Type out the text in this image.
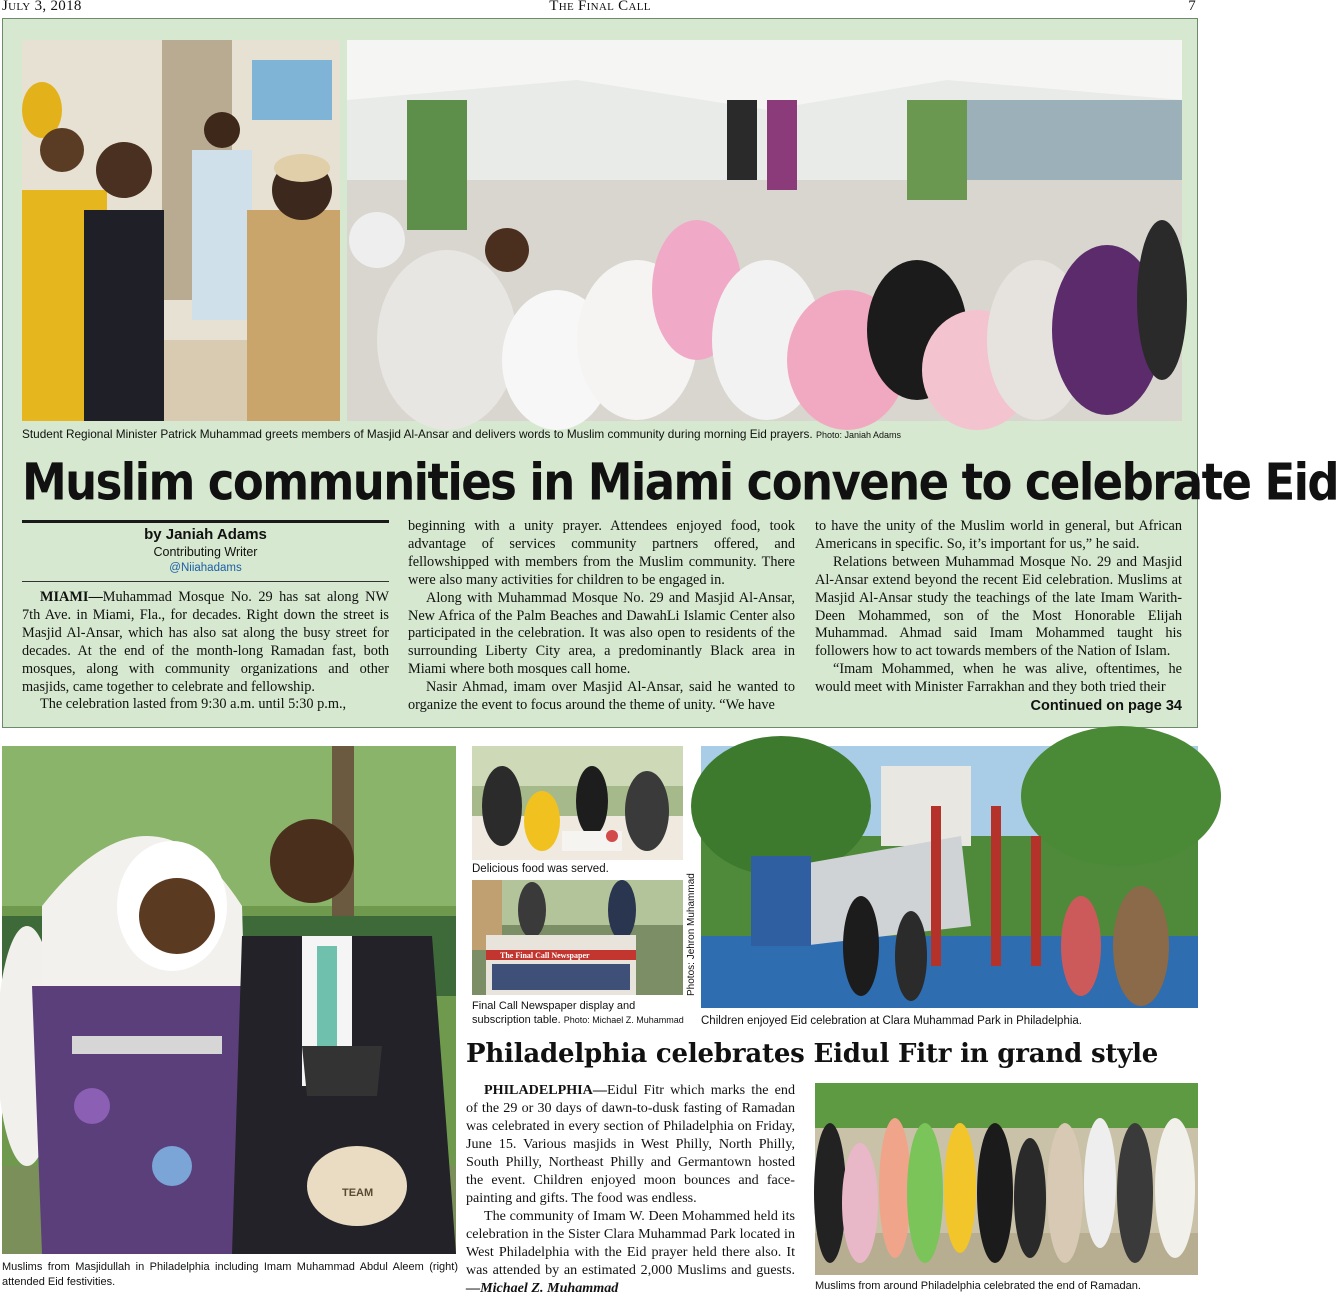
July 3, 2018	The Final Call	7
Student Regional Minister Patrick Muhammad greets members of Masjid Al-Ansar and delivers words to Muslim community during morning Eid prayers. Photo: Janiah Adams
Muslim communities in Miami convene to celebrate Eid
by Janiah Adams
Contributing Writer
@Niiahadams

MIAMI—Muhammad Mosque No. 29 has sat along NW 7th Ave. in Miami, Fla., for decades. Right down the street is Masjid Al-Ansar, which has also sat along the busy street for decades. At the end of the month-long Ramadan fast, both mosques, along with community organizations and other masjids, came together to celebrate and fellowship.

The celebration lasted from 9:30 a.m. until 5:30 p.m.,

beginning with a unity prayer. Attendees enjoyed food, took advantage of services community partners offered, and fellowshipped with members from the Muslim community. There were also many activities for children to be engaged in.

Along with Muhammad Mosque No. 29 and Masjid Al-Ansar, New Africa of the Palm Beaches and DawahLi Islamic Center also participated in the celebration. It was also open to residents of the surrounding Liberty City area, a predominantly Black area in Miami where both mosques call home.

Nasir Ahmad, imam over Masjid Al-Ansar, said he wanted to organize the event to focus around the theme of unity. “We have

to have the unity of the Muslim world in general, but African Americans in specific. So, it’s important for us,” he said.

Relations between Muhammad Mosque No. 29 and Masjid Al-Ansar extend beyond the recent Eid celebration. Muslims at Masjid Al-Ansar study the teachings of the late Imam Warith-Deen Mohammed, son of the Most Honorable Elijah Muhammad. Ahmad said Imam Mohammed taught his followers how to act towards members of the Nation of Islam.

“Imam Mohammed, when he was alive, oftentimes, he would meet with Minister Farrakhan and they both tried their

Continued on page 34
TEAM
Muslims from Masjidullah in Philadelphia including Imam Muhammad Abdul Aleem (right) attended Eid festivities.
Delicious food was served.
The Final Call Newspaper
Final Call Newspaper display and subscription table. Photo: Michael Z. Muhammad
Photos: Jehron Muhammad
Children enjoyed Eid celebration at Clara Muhammad Park in Philadelphia.
Philadelphia celebrates Eidul Fitr in grand style

PHILADELPHIA—Eidul Fitr which marks the end of the 29 or 30 days of dawn-to-dusk fasting of Ramadan was celebrated in every section of Philadelphia on Friday, June 15. Various masjids in West Philly, North Philly, South Philly, Northeast Philly and Germantown hosted the event. Children enjoyed moon bounces and face-painting and gifts. The food was endless.

The community of Imam W. Deen Mohammed held its celebration in the Sister Clara Muhammad Park located in West Philadelphia with the Eid prayer held there also. It was attended by an estimated 2,000 Muslims and guests.—Michael Z. Muhammad	Muslims from around Philadelphia celebrated the end of Ramadan.
